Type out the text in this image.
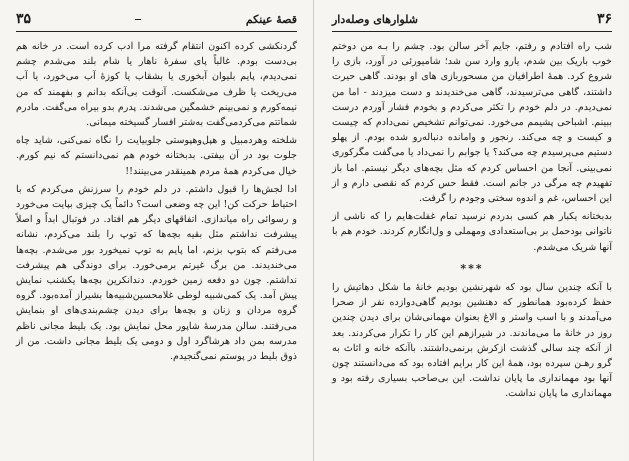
۳۵	قصهٔ عینکم

گردنکشی کرده اکنون انتقام گرفته مرا ادب کرده است. در خانه هم بی‌دست بودم. غالباً پای سفرهٔ ناهار یا شام بلند می‌شدم چشم نمی‌دیدم، پایم بلیوان آبخوری یا بشقاب یا کوزهٔ آب می‌خورد، یا آب می‌ریخت یا ظرف می‌شکست. آنوقت بی‌آنکه بدانم و بفهمند که من نیمه‌کورم و نمی‌بینم خشمگین می‌شدند. پدرم بدو بیراه می‌گفت. مادرم شماتتم می‌کردمی‌گفت بەشتر افسار گسیخته میمانی.

شلخته وهردمبیل و هپل‌وهپوستی جلوبیایت را نگاه نمی‌کنی، شاید چاه جلوت بود در آن بیفتی. بدبختانه خودم هم نمی‌دانستم که نیم کورم. خیال می‌کردم همهٔ مردم همینقدر می‌بینند!!

ادا لجش‌ها را قبول داشتم. در دلم خودم را سرزنش می‌کردم که با احتیاط حرکت کن! این چه وضعی است؟ دائماً یک چیزی بپایت می‌خورد و رسوائی راه میاندازی. اتفاقهای دیگر هم افتاد. در فوتبال ابداً و اصلاً پیشرفت نداشتم مثل بقیه بچه‌ها که توپ را بلند می‌کردم، نشانه می‌رفتم که بتوپ بزنم، اما پایم به توپ نمیخورد بور می‌شدم. بچه‌ها می‌خندیدند. من برگ غیرتم برمی‌خورد. برای دوندگی هم پیشرفت نداشتم. چون دو دفعه زمین خوردم. دندانکرین بچه‌ها یکشنب نمایش پیش آمد. یک کمی‌شبیه لوطی غلامحسین‌شبیه‌ها بشیراز آمده‌بود. گروه گروه مردان و زنان و بچه‌ها برای دیدن چشم‌بندی‌های او بنمایش می‌رفتند. سالن مدرسهٔ شاپور محل نمایش بود. یک بلیط مجانی ناظم مدرسه بمن داد هرشاگرد اول و دومی یک بلیط مجانی داشت. من از ذوق بلیط در پوستم نمی‌گنجیدم.

شلوارهای وصله‌دار	۳۶

شب راه افتادم و رفتم، جایم آخر سالن بود. چشم را بـه من دوختم خوب باریک بین شدم، یارو وارد سن شد؛ شامیورئی در آورد، بازی را شروع کرد. همهٔ اطرافیان من مسحوربازی های او بودند. گاهی حیرت داشتند، گاهی می‌ترسیدند، گاهی می‌خندیدند و دست میزدند - اما من نمی‌دیدم. در دلم خودم را تکثر می‌کردم و بخودم فشار آوردم درست ببینم. اشباحی پشیمم می‌خورد. نمی‌توانم تشخیص نمی‌دادم که چیست و کیست و چه می‌کند. رنجور و وامانده دنباله‌رو شده بودم. از پهلو دستیم می‌پرسیدم چه می‌کند؟ یا جوابم را نمی‌داد یا می‌گفت مگرکوری نمی‌بینی. آنجا من احساس کردم که مثل بچه‌های دیگر نیستم. اما باز تفهیدم چه مرگی در جانم است. فقط حس کردم که نقصی دارم و از این احساس، غم و اندوه سختی وجودم را گرفت.

بدبختانه یکبار هم کسی بدردم نرسید تمام غفلت‌هایم را که ناشی از ناتوانی بودحمل بر بی‌استعدادی ومهملی و ول‌انگارم کردند. خودم هم با آنها شریک می‌شدم.

***

با آنکه چندین سال بود که شهرنشین بودیم خانهٔ ما شکل دهاتیش را حفظ کرده‌بود همانطور که دهنشین بودیم گاهی‌دوازده نفر از صحرا می‌آمدند و با اسب واستر و الاغ بعنوان مهمانی‌شان برای دیدن چندین روز در خانهٔ ما می‌ماندند. در شیرازهم این کار را تکرار می‌کردند. بعد از آنکه چند سالی گذشت ازکرش برنمی‌داشتند. باآنکه خانه و اثاث به گرو رهـن سپرده بود، همهٔ این کار برایم افتاده بود که می‌دانستند چون آنها بود مهمانداری ما پایان نداشت. این بی‌صاحب بسیاری رفته بود و مهمانداری ما پایان نداشت.
